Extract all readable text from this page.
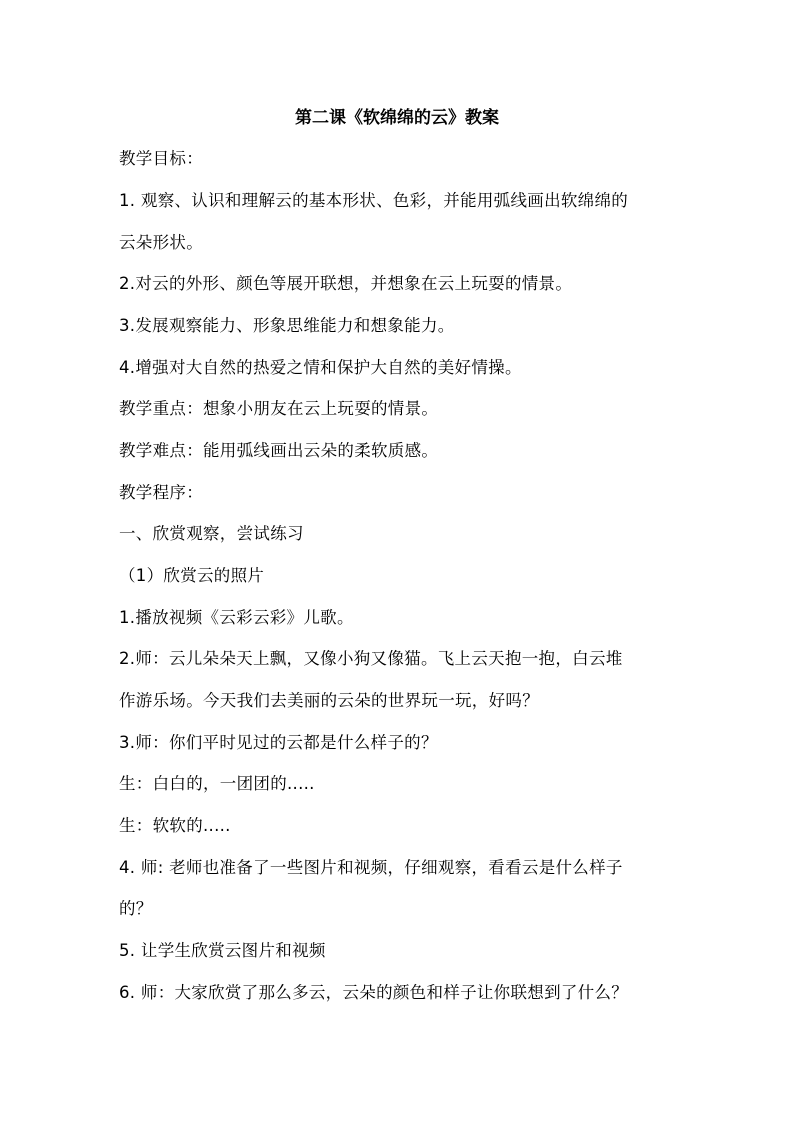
第二课《软绵绵的云》教案
教学目标：
1. 观察、认识和理解云的基本形状、色彩，并能用弧线画出软绵绵的
云朵形状。
2.对云的外形、颜色等展开联想，并想象在云上玩耍的情景。
3.发展观察能力、形象思维能力和想象能力。
4.增强对大自然的热爱之情和保护大自然的美好情操。
教学重点：想象小朋友在云上玩耍的情景。
教学难点：能用弧线画出云朵的柔软质感。
教学程序：
一、欣赏观察，尝试练习
（1）欣赏云的照片
1.播放视频《云彩云彩》儿歌。
2.师：云儿朵朵天上飘，又像小狗又像猫。飞上云天抱一抱，白云堆
作游乐场。今天我们去美丽的云朵的世界玩一玩，好吗？
3.师：你们平时见过的云都是什么样子的？
生：白白的，一团团的.....
生：软软的.....
4. 师: 老师也准备了一些图片和视频，仔细观察，看看云是什么样子
的？
5. 让学生欣赏云图片和视频
6. 师：大家欣赏了那么多云，云朵的颜色和样子让你联想到了什么？
